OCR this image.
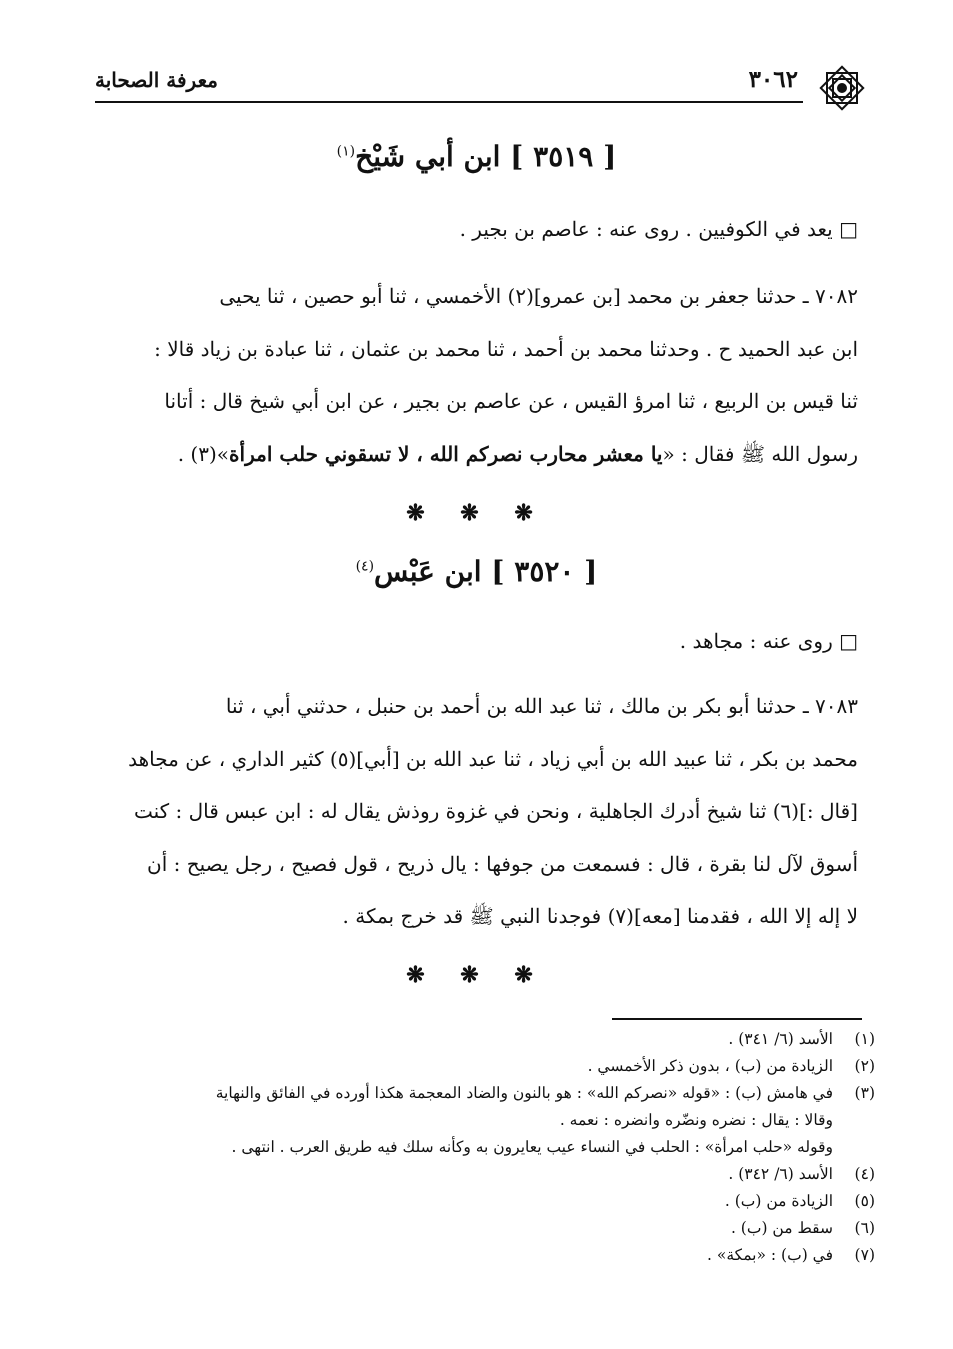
٣٠٦٢
معرفة الصحابة
[ ٣٥١٩ ] ابن أبي شَيْخ$^{(١)}$
□ يعد في الكوفيين . روى عنه : عاصم بن بجير .
٧٠٨٢ ـ حدثنا جعفر بن محمد [بن عمرو](٢) الأخمسي ، ثنا أبو حصين ، ثنا يحيى
ابن عبد الحميد ح . وحدثنا محمد بن أحمد ، ثنا محمد بن عثمان ، ثنا عبادة بن زياد قالا :
ثنا قيس بن الربيع ، ثنا امرؤ القيس ، عن عاصم بن بجير ، عن ابن أبي شيخ قال : أتانا
رسول الله ﷺ فقال : «يا معشر محارب نصركم الله ، لا تسقوني حلب امرأة»(٣) .
❋ ❋ ❋
[ ٣٥٢٠ ] ابن عَبْس$^{(٤)}$
□ روى عنه : مجاهد .
٧٠٨٣ ـ حدثنا أبو بكر بن مالك ، ثنا عبد الله بن أحمد بن حنبل ، حدثني أبي ، ثنا
محمد بن بكر ، ثنا عبيد الله بن أبي زياد ، ثنا عبد الله بن [أبي](٥) كثير الداري ، عن مجاهد
[قال :](٦) ثنا شيخ أدرك الجاهلية ، ونحن في غزوة روذش يقال له : ابن عبس قال : كنت
أسوق لآل لنا بقرة ، قال : فسمعت من جوفها : يال ذريح ، قول فصيح ، رجل يصيح : أن
لا إله إلا الله ، فقدمنا [معه](٧) فوجدنا النبي ﷺ قد خرج بمكة .
❋ ❋ ❋
(١)
الأسد (٦/ ٣٤١) .
(٢)
الزيادة من (ب) ، بدون ذكر الأخمسي .
(٣)
في هامش (ب) : «قوله «نصركم الله» : هو بالنون والضاد المعجمة هكذا أورده في الفائق والنهاية
وقالا : يقال : نضره ونضّره وانضره : نعمه .
وقوله «حلب امرأة» : الحلب في النساء عيب يعايرون به وكأنه سلك فيه طريق العرب . انتهى .
(٤)
الأسد (٦/ ٣٤٢) .
(٥)
الزيادة من (ب) .
(٦)
سقط من (ب) .
(٧)
في (ب) : «بمكة» .
